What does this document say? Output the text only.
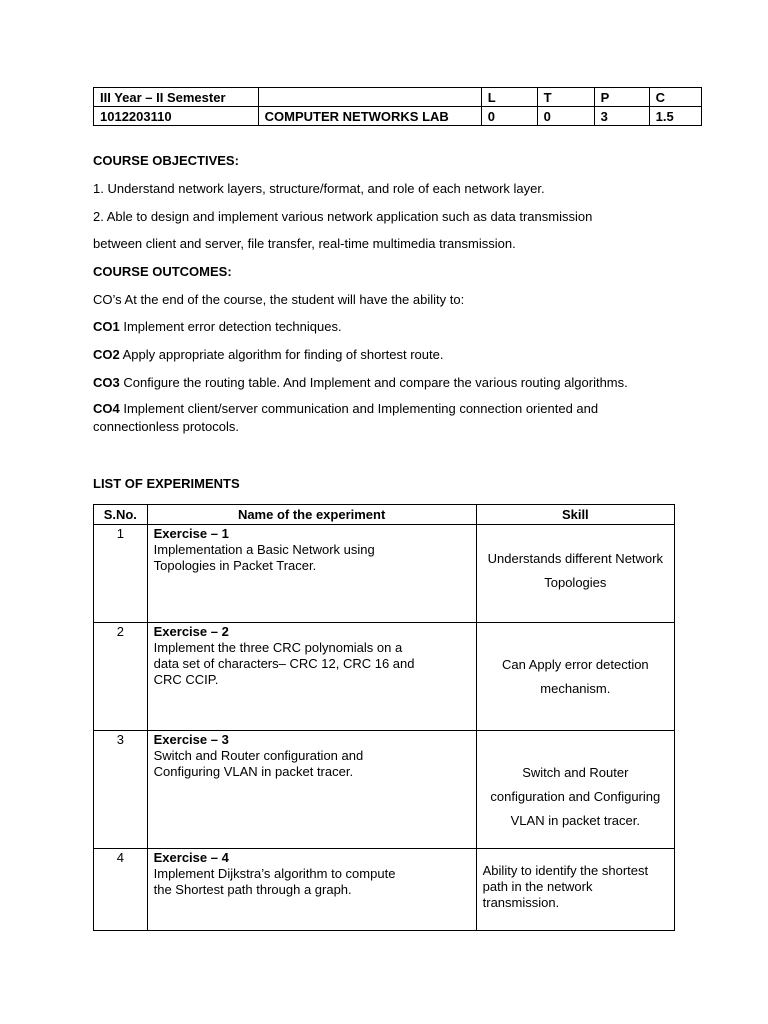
III Year – II Semester		L	T	P	C
1012203110	COMPUTER NETWORKS LAB	0	0	3	1.5
COURSE OBJECTIVES:
1. Understand network layers, structure/format, and role of each network layer.
2. Able to design and implement various network application such as data transmission
between client and server, file transfer, real-time multimedia transmission.
COURSE OUTCOMES:
CO’s At the end of the course, the student will have the ability to:
CO1 Implement error detection techniques.
CO2 Apply appropriate algorithm for finding of shortest route.
CO3 Configure the routing table. And Implement and compare the various routing algorithms.
CO4 Implement client/server communication and Implementing connection oriented and connectionless protocols.
LIST OF EXPERIMENTS
S.No.	Name of the experiment	Skill
1	Exercise – 1
Implementation a Basic Network using
Topologies in Packet Tracer.	Understands different Network
Topologies

2	Exercise – 2
Implement the three CRC polynomials on a
data set of characters– CRC 12, CRC 16 and
CRC CCIP.	Can Apply error detection
mechanism.

3	Exercise – 3
Switch and Router configuration and
Configuring VLAN in packet tracer.	Switch and Router
configuration and Configuring
VLAN in packet tracer.

4	Exercise – 4
Implement Dijkstra’s algorithm to compute
the Shortest path through a graph.	Ability to identify the shortest
path in the network
transmission.
